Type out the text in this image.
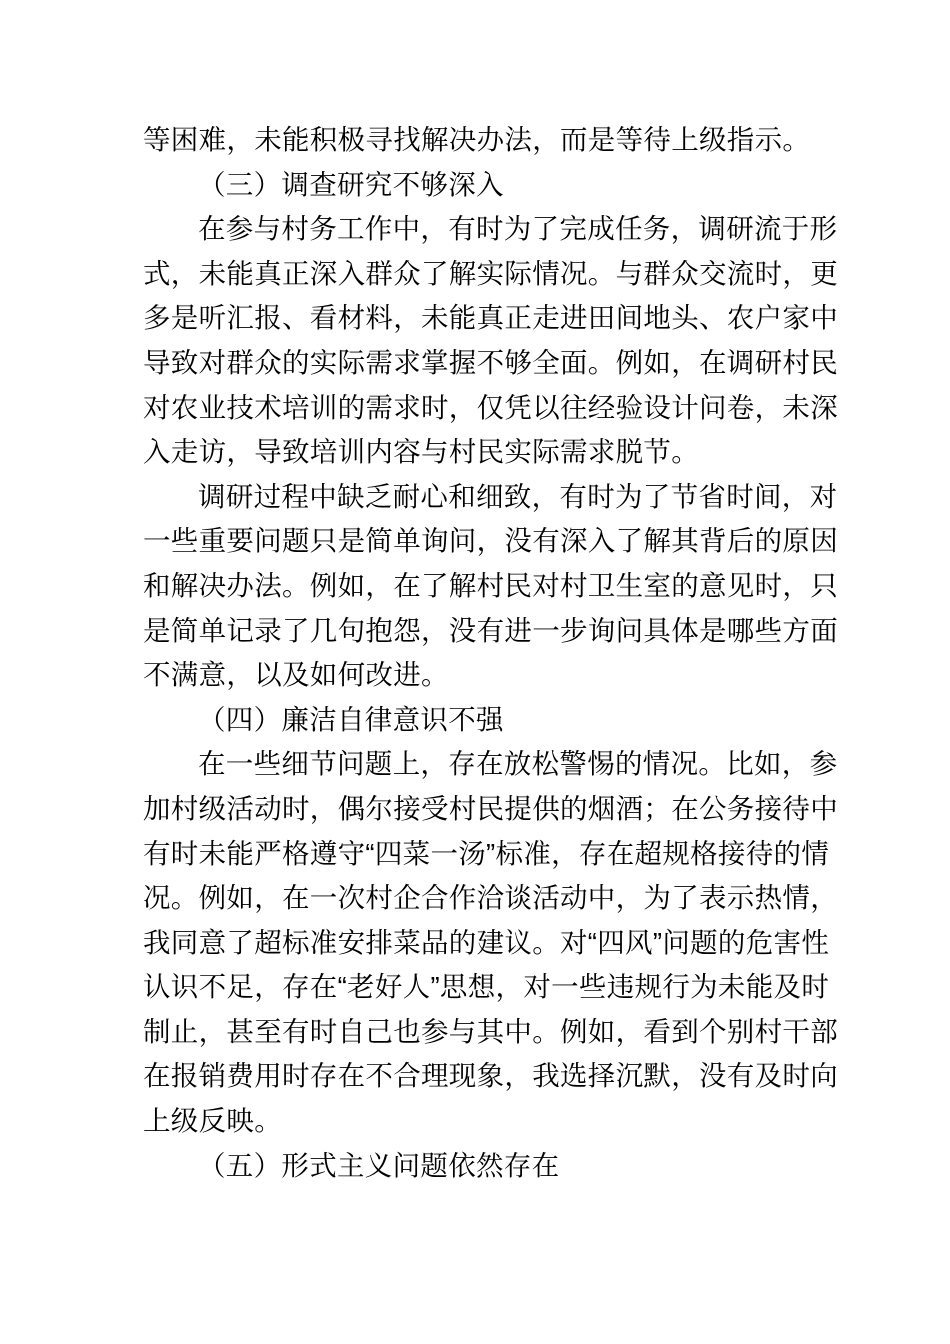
等困难，未能积极寻找解决办法，而是等待上级指示。
（三）调查研究不够深入
在参与村务工作中，有时为了完成任务，调研流于形
式，未能真正深入群众了解实际情况。与群众交流时，更
多是听汇报、看材料，未能真正走进田间地头、农户家中
导致对群众的实际需求掌握不够全面。例如，在调研村民
对农业技术培训的需求时，仅凭以往经验设计问卷，未深
入走访，导致培训内容与村民实际需求脱节。
调研过程中缺乏耐心和细致，有时为了节省时间，对
一些重要问题只是简单询问，没有深入了解其背后的原因
和解决办法。例如，在了解村民对村卫生室的意见时，只
是简单记录了几句抱怨，没有进一步询问具体是哪些方面
不满意，以及如何改进。
（四）廉洁自律意识不强
在一些细节问题上，存在放松警惕的情况。比如，参
加村级活动时，偶尔接受村民提供的烟酒；在公务接待中
有时未能严格遵守“四菜一汤”标准，存在超规格接待的情
况。例如，在一次村企合作洽谈活动中，为了表示热情，
我同意了超标准安排菜品的建议。对“四风”问题的危害性
认识不足，存在“老好人”思想，对一些违规行为未能及时
制止，甚至有时自己也参与其中。例如，看到个别村干部
在报销费用时存在不合理现象，我选择沉默，没有及时向
上级反映。
（五）形式主义问题依然存在
